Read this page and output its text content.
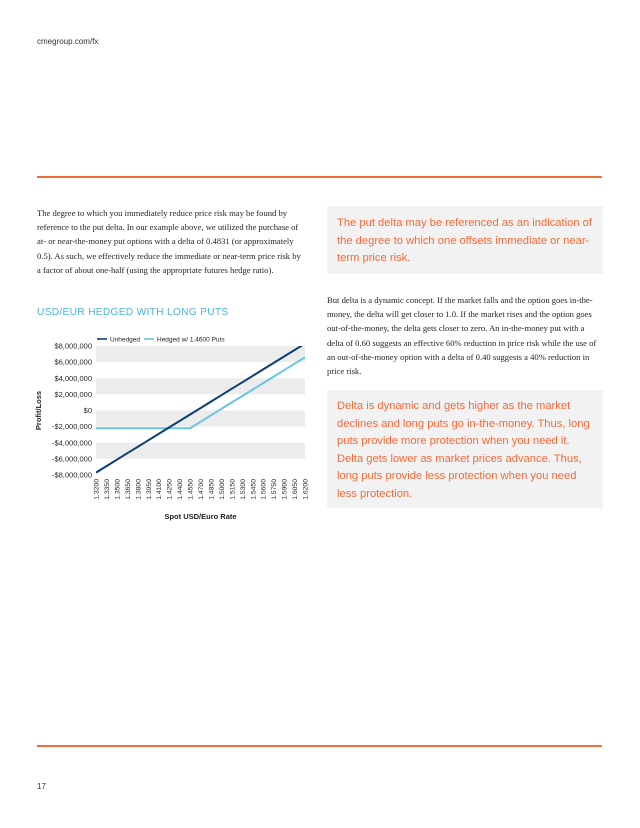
cmegroup.com/fx

The degree to which you immediately reduce price risk may be found by reference to the put delta. In our example above, we utilized the purchase of at- or near-the-money put options with a delta of 0.4831 (or approximately 0.5). As such, we effectively reduce the immediate or near-term price risk by a factor of about one-half (using the appropriate futures hedge ratio).

The put delta may be referenced as an indication of the degree to which one offsets immediate or near-term price risk.

But delta is a dynamic concept. If the market falls and the option goes in-the-money, the delta will get closer to 1.0. If the market rises and the option goes out-of-the-money, the delta gets closer to zero. An in-the-money put with a delta of 0.60 suggests an effective 60% reduction in price risk while the use of an out-of-the-money option with a delta of 0.40 suggests a 40% reduction in price risk.

Delta is dynamic and gets higher as the market declines and long puts go in-the-money. Thus, long puts provide more protection when you need it. Delta gets lower as market prices advance. Thus, long puts provide less protection when you need less protection.

USD/EUR HEDGED WITH LONG PUTS
$8,000,000
$6,000,000
$4,000,000
$2,000,000
$0
-$2,000,000
-$4,000,000
-$6,000,000
-$8,000,000
1.3200 1.3350 1.3500 1.3650 1.3800 1.3950 1.4100 1.4250 1.4400 1.4550 1.4700 1.4850 1.5000 1.5150 1.5300 1.5450 1.5600 1.5750 1.5900 1.6050 1.6200
Spot USD/Euro Rate
Profit/Loss
Unhedged	Hedged w/ 1.4600 Puts
17
